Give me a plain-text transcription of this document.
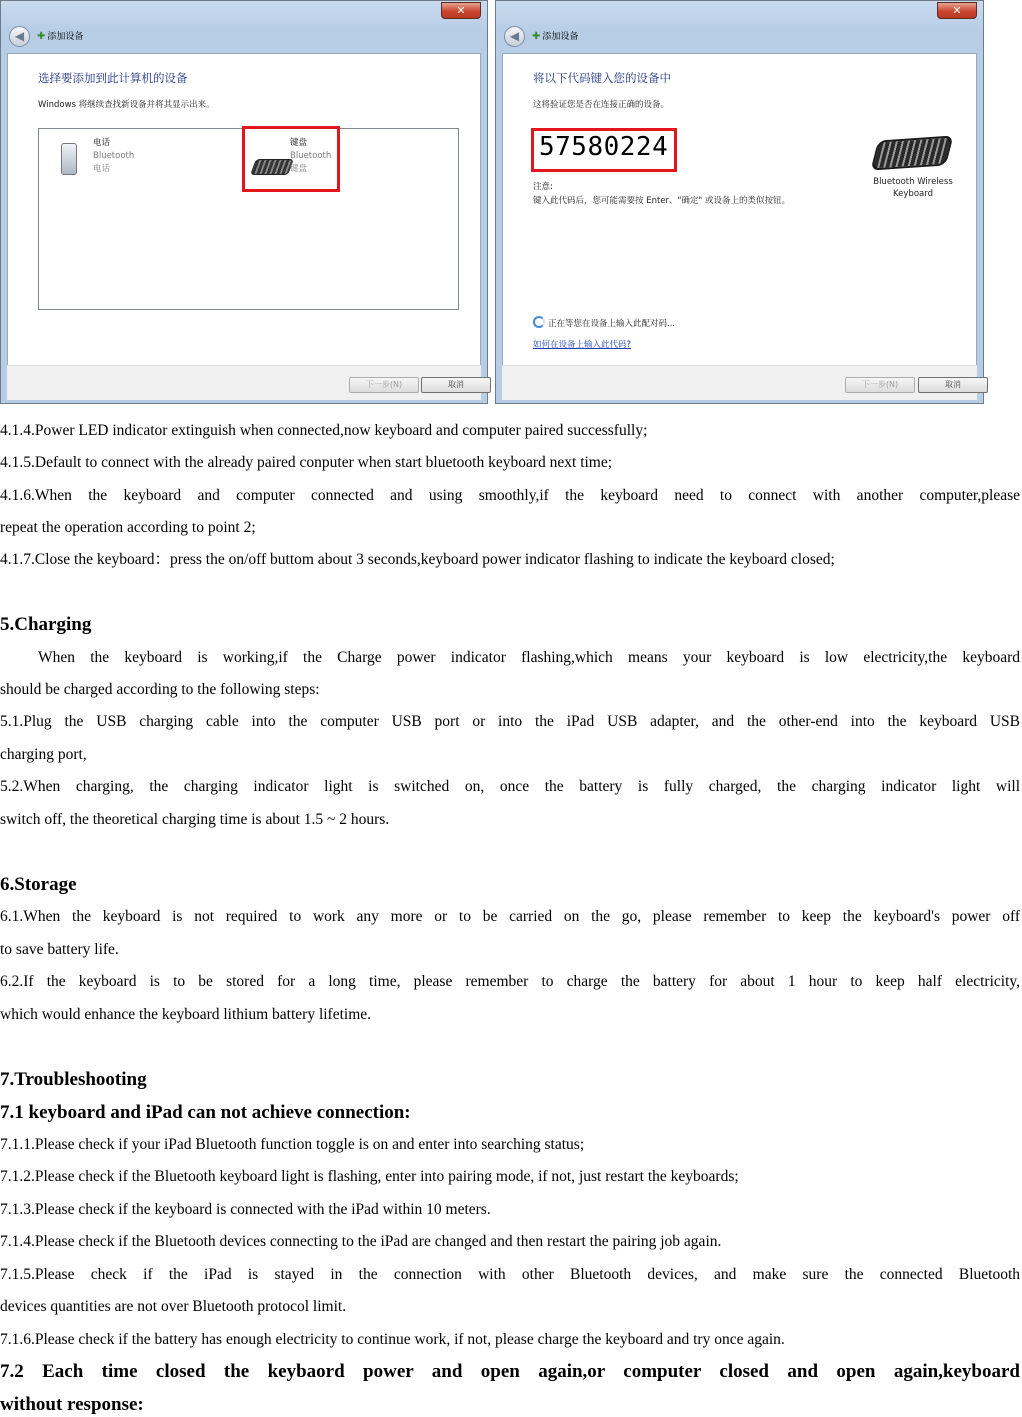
✕
◀	✚ 添加设备
选择要添加到此计算机的设备
Windows 将继续查找新设备并将其显示出来。
电话
Bluetooth
电话
键盘
Bluetooth
键盘
下一步(N)	取消
✕
◀	✚ 添加设备
将以下代码键入您的设备中
这将验证您是否在连接正确的设备。
57580224
注意:
键入此代码后，您可能需要按 Enter、"确定" 或设备上的类似按钮。
Bluetooth Wireless
Keyboard
正在等您在设备上输入此配对码...
如何在设备上输入此代码?
下一步(N)	取消

4.1.4.Power LED indicator extinguish when connected,now keyboard and computer paired successfully;

4.1.5.Default to connect with the already paired conputer when start bluetooth keyboard next time;

4.1.6.When the keyboard and computer connected and using smoothly,if the keyboard need to connect with another computer,please

repeat the operation according to point 2;

4.1.7.Close the keyboard：press the on/off buttom about 3 seconds,keyboard power indicator flashing to indicate the keyboard closed;

5.Charging

When the keyboard is working,if the Charge power indicator flashing,which means your keyboard is low electricity,the keyboard

should be charged according to the following steps:

5.1.Plug the USB charging cable into the computer USB port or into the iPad USB adapter, and the other-end into the keyboard USB

charging port,

5.2.When charging, the charging indicator light is switched on, once the battery is fully charged, the charging indicator light will

switch off, the theoretical charging time is about 1.5 ~ 2 hours.

6.Storage

6.1.When the keyboard is not required to work any more or to be carried on the go, please remember to keep the keyboard's power off

to save battery life.

6.2.If the keyboard is to be stored for a long time, please remember to charge the battery for about 1 hour to keep half electricity,

which would enhance the keyboard lithium battery lifetime.

7.Troubleshooting

7.1 keyboard and iPad can not achieve connection:

7.1.1.Please check if your iPad Bluetooth function toggle is on and enter into searching status;

7.1.2.Please check if the Bluetooth keyboard light is flashing, enter into pairing mode, if not, just restart the keyboards;

7.1.3.Please check if the keyboard is connected with the iPad within 10 meters.

7.1.4.Please check if the Bluetooth devices connecting to the iPad are changed and then restart the pairing job again.

7.1.5.Please check if the iPad is stayed in the connection with other Bluetooth devices, and make sure the connected Bluetooth

devices quantities are not over Bluetooth protocol limit.

7.1.6.Please check if the battery has enough electricity to continue work, if not, please charge the keyboard and try once again.

7.2 Each time closed the keybaord power and open again,or computer closed and open again,keyboard

without response:
